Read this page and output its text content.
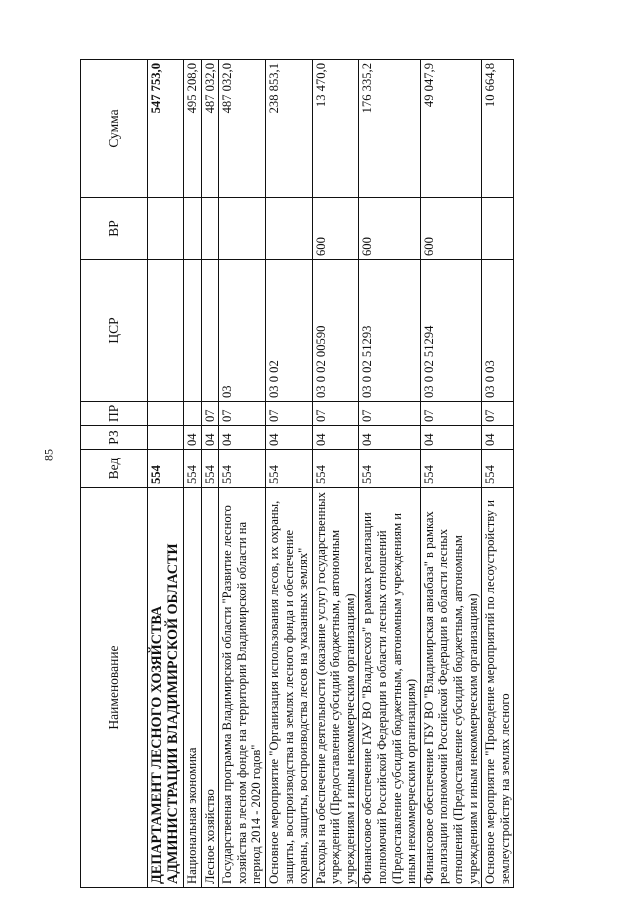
85
Наименование	Вед	РЗ	ПР	ЦСР	ВР	Сумма
ДЕПАРТАМЕНТ ЛЕСНОГО ХОЗЯЙСТВА АДМИНИСТРАЦИИ ВЛАДИМИРСКОЙ ОБЛАСТИ	554					547 753,0
Национальная экономика	554	04				495 208,0
Лесное хозяйство	554	04	07			487 032,0
Государственная программа Владимирской области "Развитие лесного хозяйства в лесном фонде на территории Владимирской области на период 2014 - 2020 годов"	554	04	07	03		487 032,0
Основное мероприятие "Организация использования лесов, их охраны, защиты, воспроизводства на землях лесного фонда и обеспечение охраны, защиты, воспроизводства лесов на указанных землях"	554	04	07	03 0 02		238 853,1
Расходы на обеспечение деятельности (оказание услуг) государственных учреждений (Предоставление субсидий бюджетным, автономным учреждениям и иным некоммерческим организациям)	554	04	07	03 0 02 00590	600	13 470,0
Финансовое обеспечение ГАУ ВО "Владлесхоз" в рамках реализации полномочий Российской Федерации в области лесных отношений (Предоставление субсидий бюджетным, автономным учреждениям и иным некоммерческим организациям)	554	04	07	03 0 02 51293	600	176 335,2
Финансовое обеспечение ГБУ ВО "Владимирская авиабаза" в рамках реализации полномочий Российской Федерации в области лесных отношений (Предоставление субсидий бюджетным, автономным учреждениям и иным некоммерческим организациям)	554	04	07	03 0 02 51294	600	49 047,9
Основное мероприятие "Проведение мероприятий по лесоустройству и землеустройству на землях лесного	554	04	07	03 0 03		10 664,8
